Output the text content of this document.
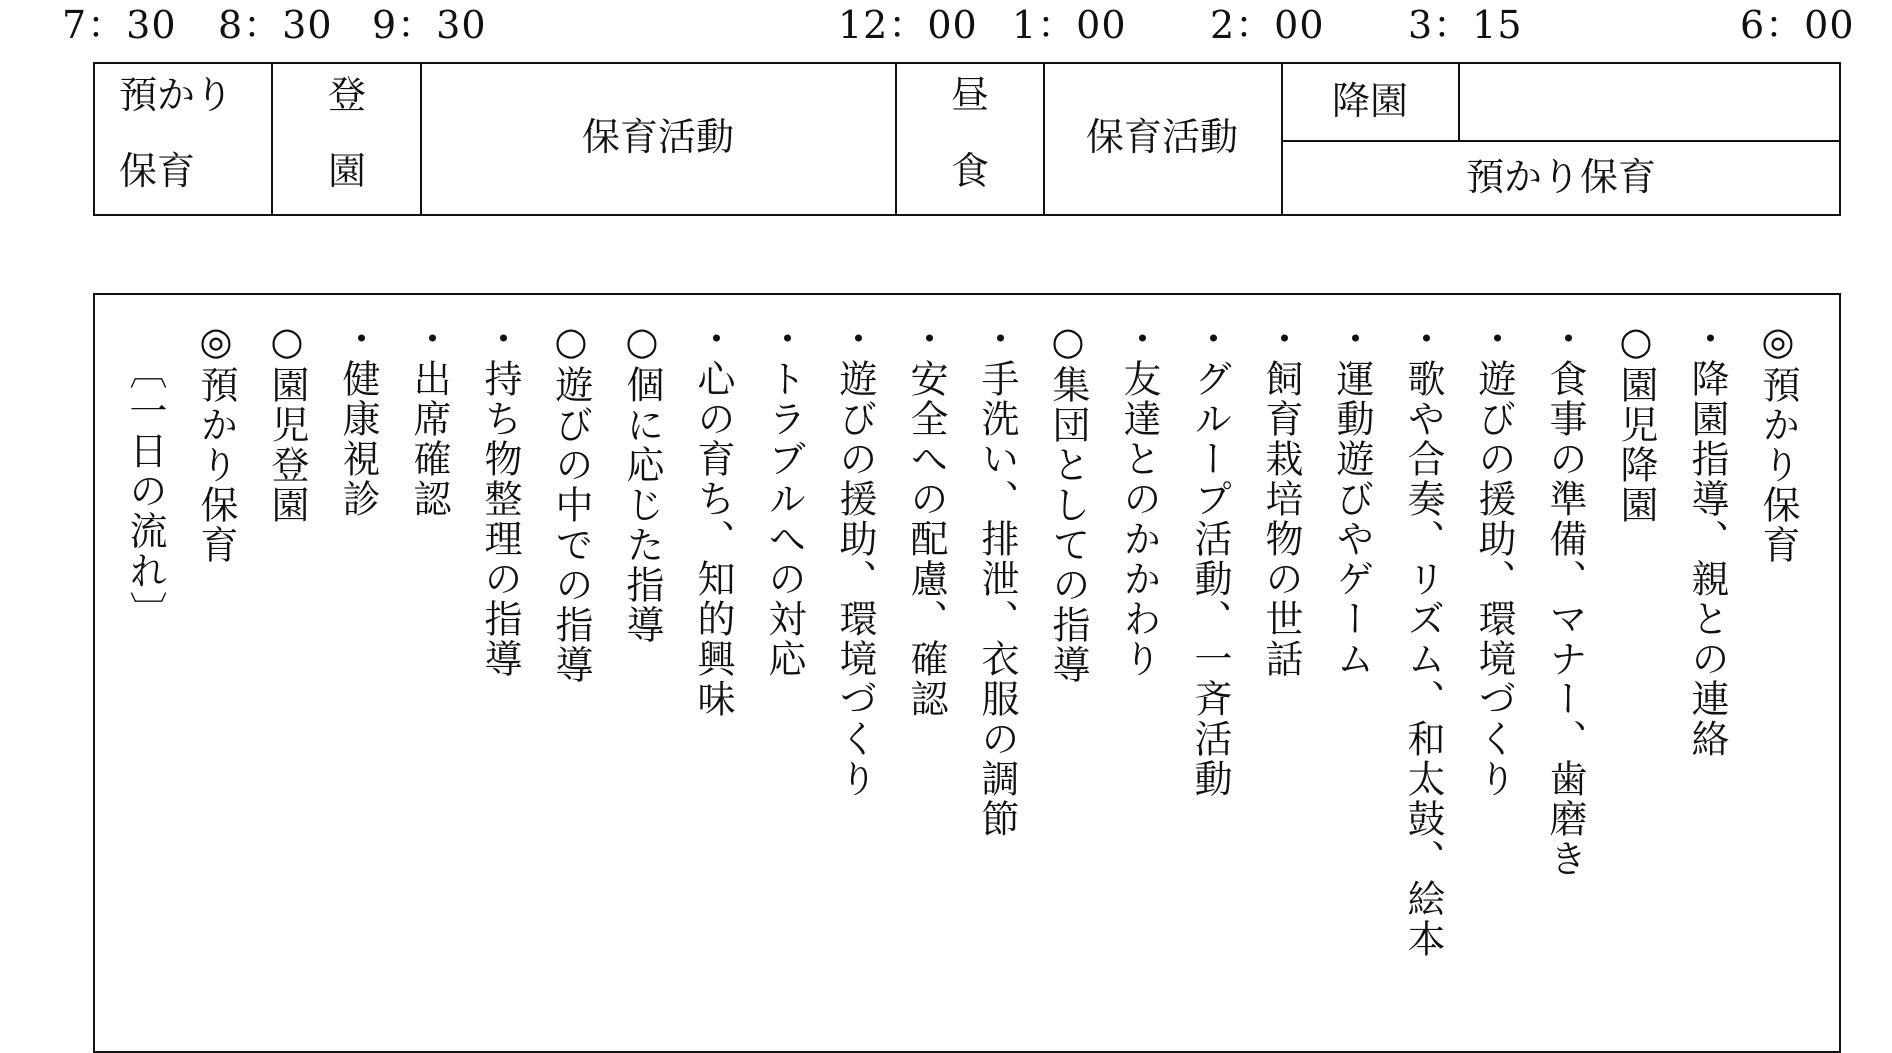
7：30 8：30 9：30	12：00 1：00 2：00 3：15	6：00
預かり
保育
登
園
保育活動
昼
食
保育活動
降園
預かり保育
◎預かり保育
・降園指導、親との連絡
○園児降園
・食事の準備、マナー、歯磨き
・遊びの援助、環境づくり
・歌や合奏、リズム、和太鼓、絵本
・運動遊びやゲーム
・飼育栽培物の世話
・グループ活動、一斉活動
・友達とのかかわり
○集団としての指導
・手洗い、排泄、衣服の調節
・安全への配慮、確認
・遊びの援助、環境づくり
・トラブルへの対応
・心の育ち、知的興味
○個に応じた指導
○遊びの中での指導
・持ち物整理の指導
・出席確認
・健康視診
○園児登園
◎預かり保育
〔一日の流れ〕
